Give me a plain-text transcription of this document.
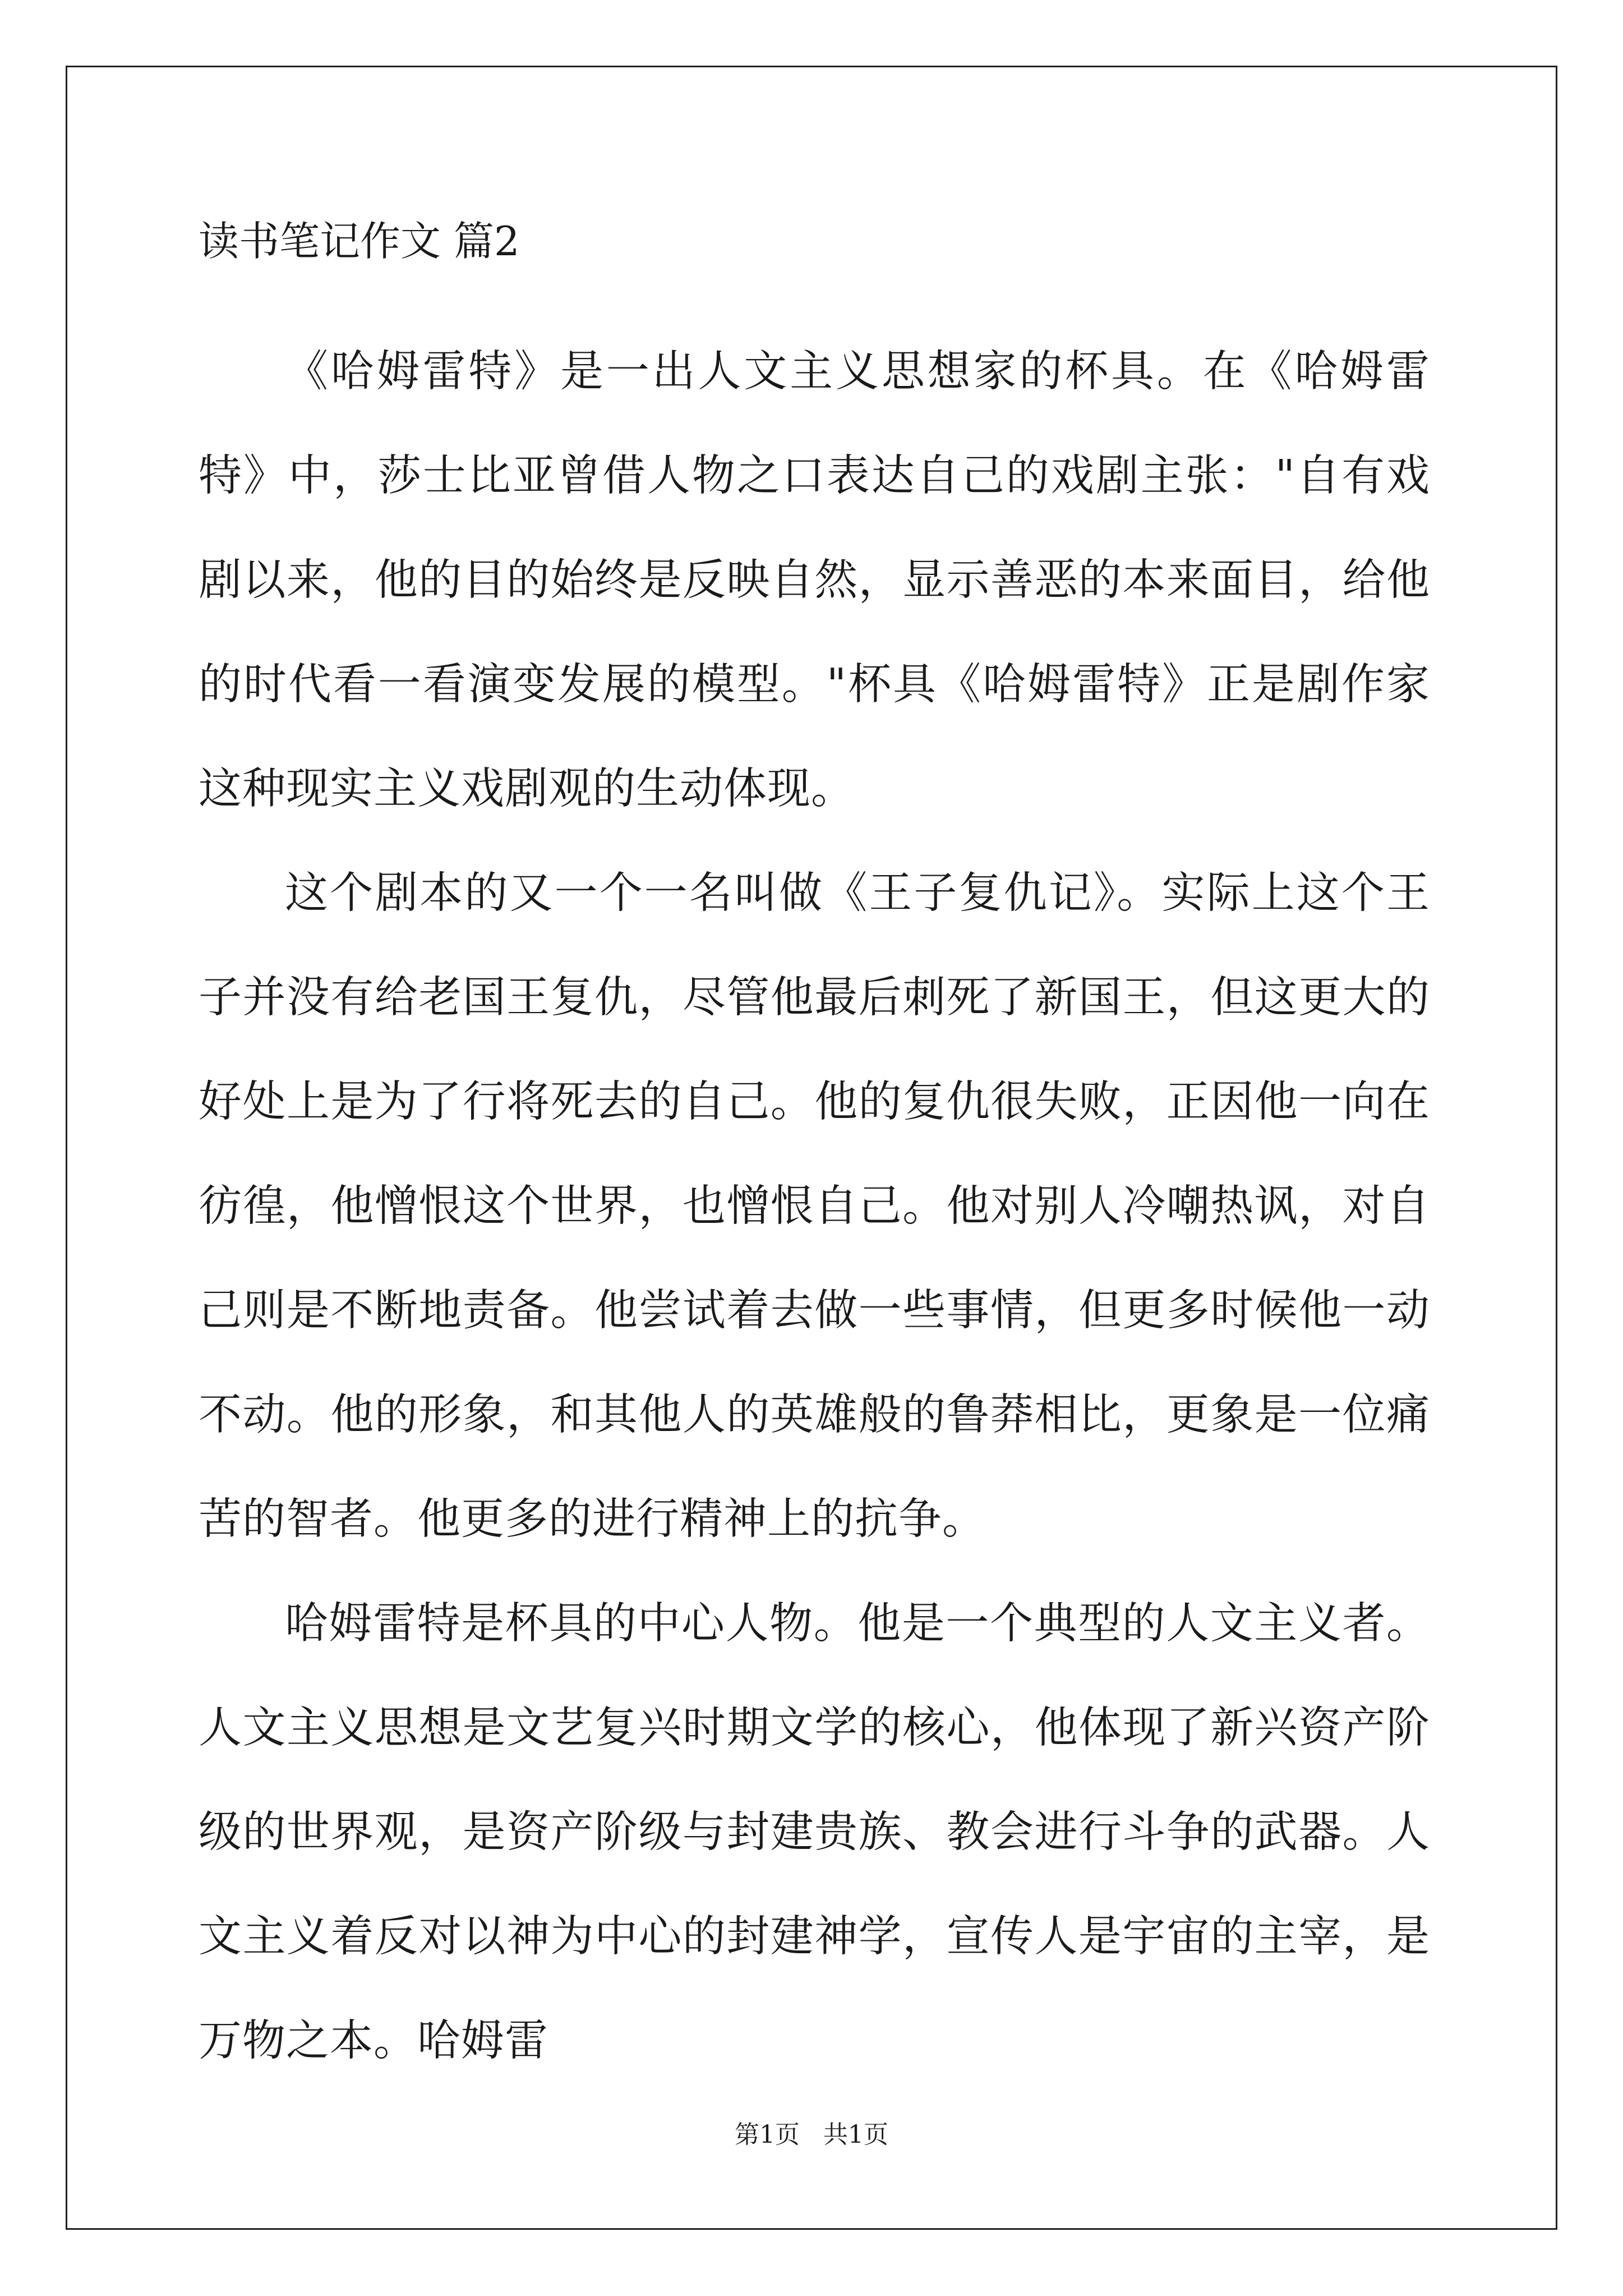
读书笔记作文 篇2

《哈姆雷特》是一出人文主义思想家的杯具。在《哈姆雷特》中，莎士比亚曾借人物之口表达自己的戏剧主张："自有戏剧以来，他的目的始终是反映自然，显示善恶的本来面目，给他的时代看一看演变发展的模型。"杯具《哈姆雷特》正是剧作家这种现实主义戏剧观的生动体现。

这个剧本的又一个一名叫做《王子复仇记》。实际上这个王子并没有给老国王复仇，尽管他最后刺死了新国王，但这更大的好处上是为了行将死去的自己。他的复仇很失败，正因他一向在彷徨，他憎恨这个世界，也憎恨自己。他对别人冷嘲热讽，对自己则是不断地责备。他尝试着去做一些事情，但更多时候他一动不动。他的形象，和其他人的英雄般的鲁莽相比，更象是一位痛苦的智者。他更多的进行精神上的抗争。

哈姆雷特是杯具的中心人物。他是一个典型的人文主义者。人文主义思想是文艺复兴时期文学的核心，他体现了新兴资产阶级的世界观，是资产阶级与封建贵族、教会进行斗争的武器。人文主义着反对以神为中心的封建神学，宣传人是宇宙的主宰，是万物之本。哈姆雷

第1页   共1页
